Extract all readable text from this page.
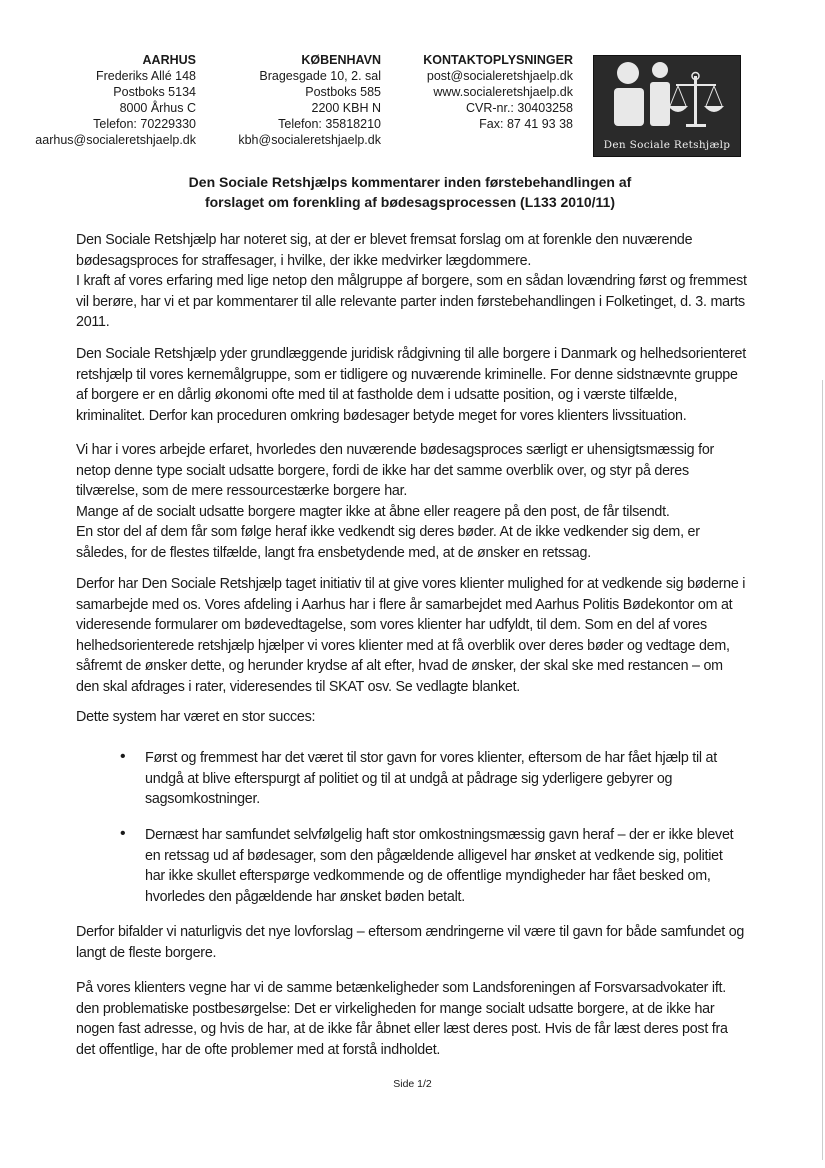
AARHUS
Frederiks Allé 148
Postboks 5134
8000 Århus C
Telefon: 70229330
aarhus@socialeretshjaelp.dk
KØBENHAVN
Bragesgade 10, 2. sal
Postboks 585
2200 KBH N
Telefon: 35818210
kbh@socialeretshjaelp.dk
KONTAKTOPLYSNINGER
post@socialeretshjaelp.dk
www.socialeretshjaelp.dk
CVR-nr.: 30403258
Fax: 87 41 93 38
Den Sociale Retshjælp
Den Sociale Retshjælps kommentarer inden førstebehandlingen af
forslaget om forenkling af bødesagsprocessen (L133 2010/11)
Den Sociale Retshjælp har noteret sig, at der er blevet fremsat forslag om at forenkle den nuværende
bødesagsproces for straffesager, i hvilke, der ikke medvirker lægdommere.
I kraft af vores erfaring med lige netop den målgruppe af borgere, som en sådan lovændring først og fremmest
vil berøre, har vi et par kommentarer til alle relevante parter inden førstebehandlingen i Folketinget, d. 3. marts
2011.
Den Sociale Retshjælp yder grundlæggende juridisk rådgivning til alle borgere i Danmark og helhedsorienteret
retshjælp til vores kernemålgruppe, som er tidligere og nuværende kriminelle. For denne sidstnævnte gruppe
af borgere er en dårlig økonomi ofte med til at fastholde dem i udsatte position, og i værste tilfælde,
kriminalitet. Derfor kan proceduren omkring bødesager betyde meget for vores klienters livssituation.
Vi har i vores arbejde erfaret, hvorledes den nuværende bødesagsproces særligt er uhensigtsmæssig for
netop denne type socialt udsatte borgere, fordi de ikke har det samme overblik over, og styr på deres
tilværelse, som de mere ressourcestærke borgere har.
Mange af de socialt udsatte borgere magter ikke at åbne eller reagere på den post, de får tilsendt.
En stor del af dem får som følge heraf ikke vedkendt sig deres bøder. At de ikke vedkender sig dem, er
således, for de flestes tilfælde, langt fra ensbetydende med, at de ønsker en retssag.
Derfor har Den Sociale Retshjælp taget initiativ til at give vores klienter mulighed for at vedkende sig bøderne i
samarbejde med os. Vores afdeling i Aarhus har i flere år samarbejdet med Aarhus Politis Bødekontor om at
videresende formularer om bødevedtagelse, som vores klienter har udfyldt, til dem. Som en del af vores
helhedsorienterede retshjælp hjælper vi vores klienter med at få overblik over deres bøder og vedtage dem,
såfremt de ønsker dette, og herunder krydse af alt efter, hvad de ønsker, der skal ske med restancen – om
den skal afdrages i rater, videresendes til SKAT osv. Se vedlagte blanket.
Dette system har været en stor succes:
• Først og fremmest har det været til stor gavn for vores klienter, eftersom de har fået hjælp til at
undgå at blive efterspurgt af politiet og til at undgå at pådrage sig yderligere gebyrer og
sagsomkostninger.
• Dernæst har samfundet selvfølgelig haft stor omkostningsmæssig gavn heraf – der er ikke blevet
en retssag ud af bødesager, som den pågældende alligevel har ønsket at vedkende sig, politiet
har ikke skullet efterspørge vedkommende og de offentlige myndigheder har fået besked om,
hvorledes den pågældende har ønsket bøden betalt.
Derfor bifalder vi naturligvis det nye lovforslag – eftersom ændringerne vil være til gavn for både samfundet og
langt de fleste borgere.
På vores klienters vegne har vi de samme betænkeligheder som Landsforeningen af Forsvarsadvokater ift.
den problematiske postbesørgelse: Det er virkeligheden for mange socialt udsatte borgere, at de ikke har
nogen fast adresse, og hvis de har, at de ikke får åbnet eller læst deres post. Hvis de får læst deres post fra
det offentlige, har de ofte problemer med at forstå indholdet.
Side 1/2
